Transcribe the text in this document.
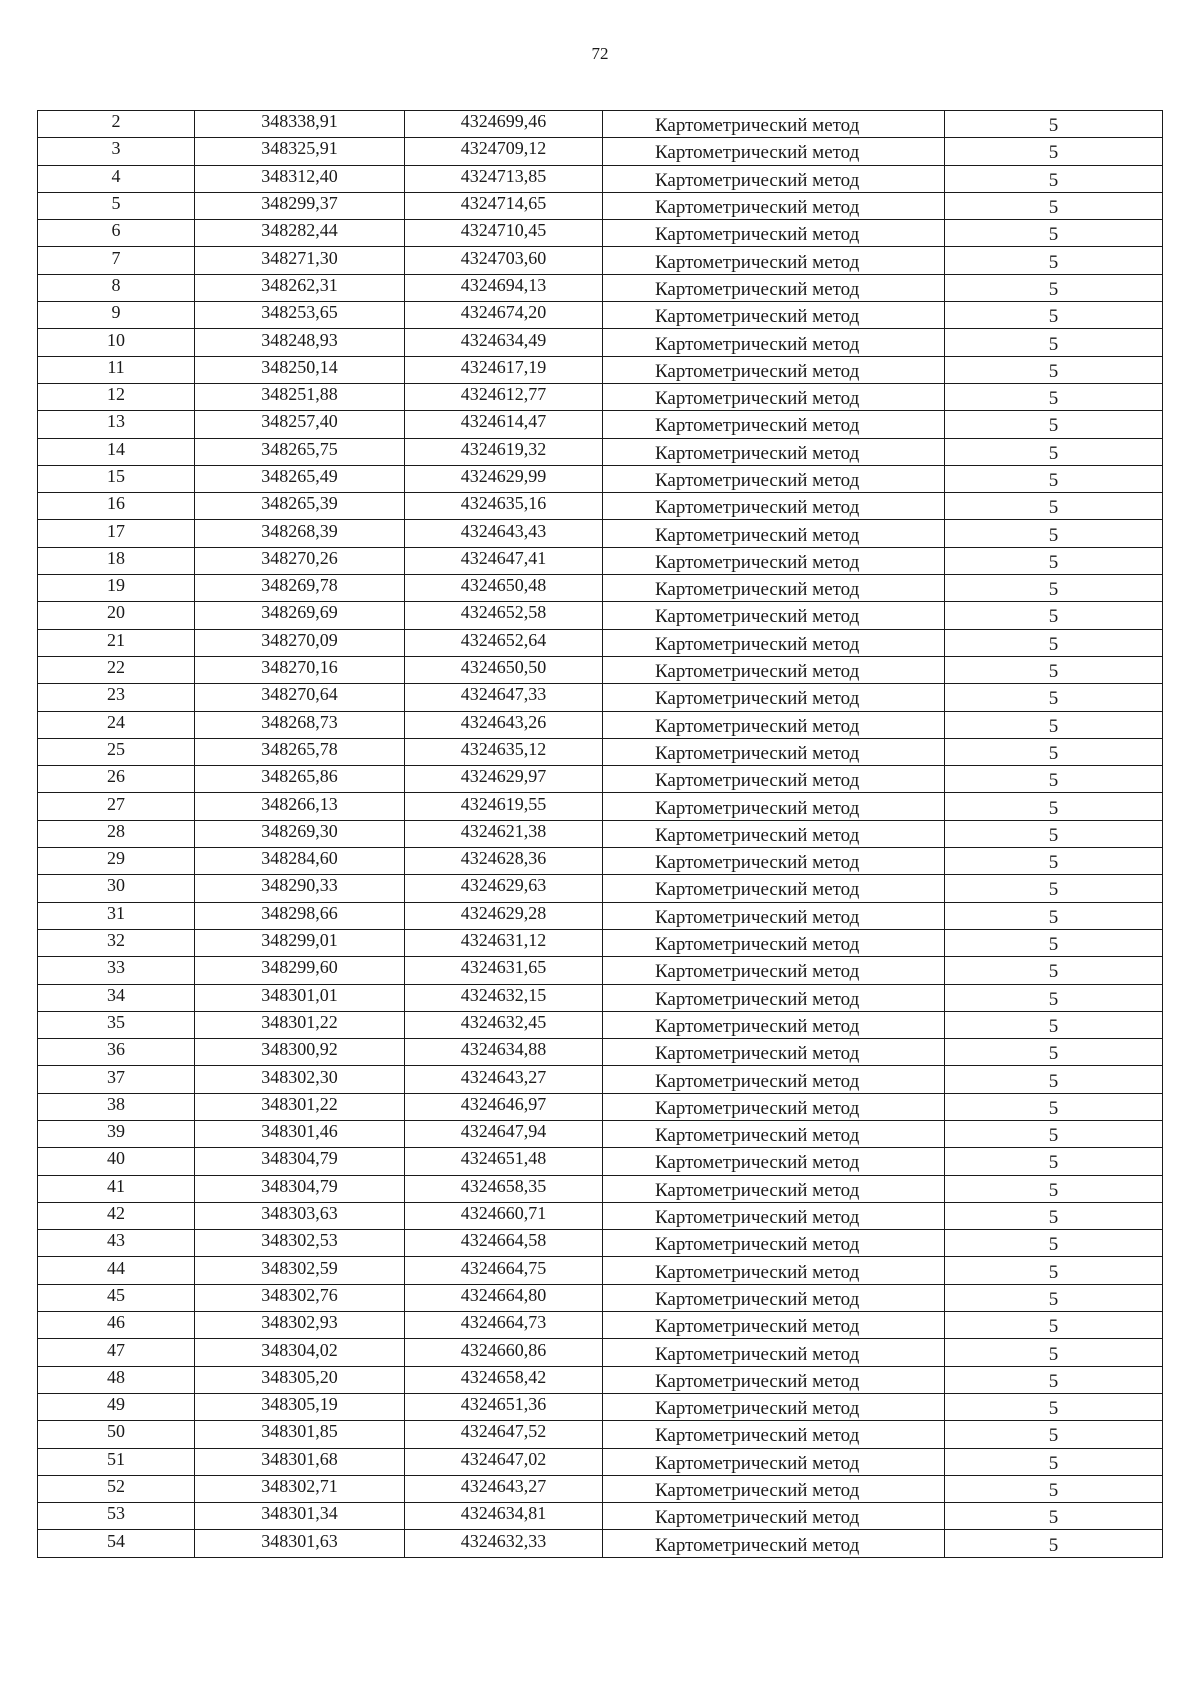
72
2	348338,91	4324699,46	Картометрический метод	5
3	348325,91	4324709,12	Картометрический метод	5
4	348312,40	4324713,85	Картометрический метод	5
5	348299,37	4324714,65	Картометрический метод	5
6	348282,44	4324710,45	Картометрический метод	5
7	348271,30	4324703,60	Картометрический метод	5
8	348262,31	4324694,13	Картометрический метод	5
9	348253,65	4324674,20	Картометрический метод	5
10	348248,93	4324634,49	Картометрический метод	5
11	348250,14	4324617,19	Картометрический метод	5
12	348251,88	4324612,77	Картометрический метод	5
13	348257,40	4324614,47	Картометрический метод	5
14	348265,75	4324619,32	Картометрический метод	5
15	348265,49	4324629,99	Картометрический метод	5
16	348265,39	4324635,16	Картометрический метод	5
17	348268,39	4324643,43	Картометрический метод	5
18	348270,26	4324647,41	Картометрический метод	5
19	348269,78	4324650,48	Картометрический метод	5
20	348269,69	4324652,58	Картометрический метод	5
21	348270,09	4324652,64	Картометрический метод	5
22	348270,16	4324650,50	Картометрический метод	5
23	348270,64	4324647,33	Картометрический метод	5
24	348268,73	4324643,26	Картометрический метод	5
25	348265,78	4324635,12	Картометрический метод	5
26	348265,86	4324629,97	Картометрический метод	5
27	348266,13	4324619,55	Картометрический метод	5
28	348269,30	4324621,38	Картометрический метод	5
29	348284,60	4324628,36	Картометрический метод	5
30	348290,33	4324629,63	Картометрический метод	5
31	348298,66	4324629,28	Картометрический метод	5
32	348299,01	4324631,12	Картометрический метод	5
33	348299,60	4324631,65	Картометрический метод	5
34	348301,01	4324632,15	Картометрический метод	5
35	348301,22	4324632,45	Картометрический метод	5
36	348300,92	4324634,88	Картометрический метод	5
37	348302,30	4324643,27	Картометрический метод	5
38	348301,22	4324646,97	Картометрический метод	5
39	348301,46	4324647,94	Картометрический метод	5
40	348304,79	4324651,48	Картометрический метод	5
41	348304,79	4324658,35	Картометрический метод	5
42	348303,63	4324660,71	Картометрический метод	5
43	348302,53	4324664,58	Картометрический метод	5
44	348302,59	4324664,75	Картометрический метод	5
45	348302,76	4324664,80	Картометрический метод	5
46	348302,93	4324664,73	Картометрический метод	5
47	348304,02	4324660,86	Картометрический метод	5
48	348305,20	4324658,42	Картометрический метод	5
49	348305,19	4324651,36	Картометрический метод	5
50	348301,85	4324647,52	Картометрический метод	5
51	348301,68	4324647,02	Картометрический метод	5
52	348302,71	4324643,27	Картометрический метод	5
53	348301,34	4324634,81	Картометрический метод	5
54	348301,63	4324632,33	Картометрический метод	5
